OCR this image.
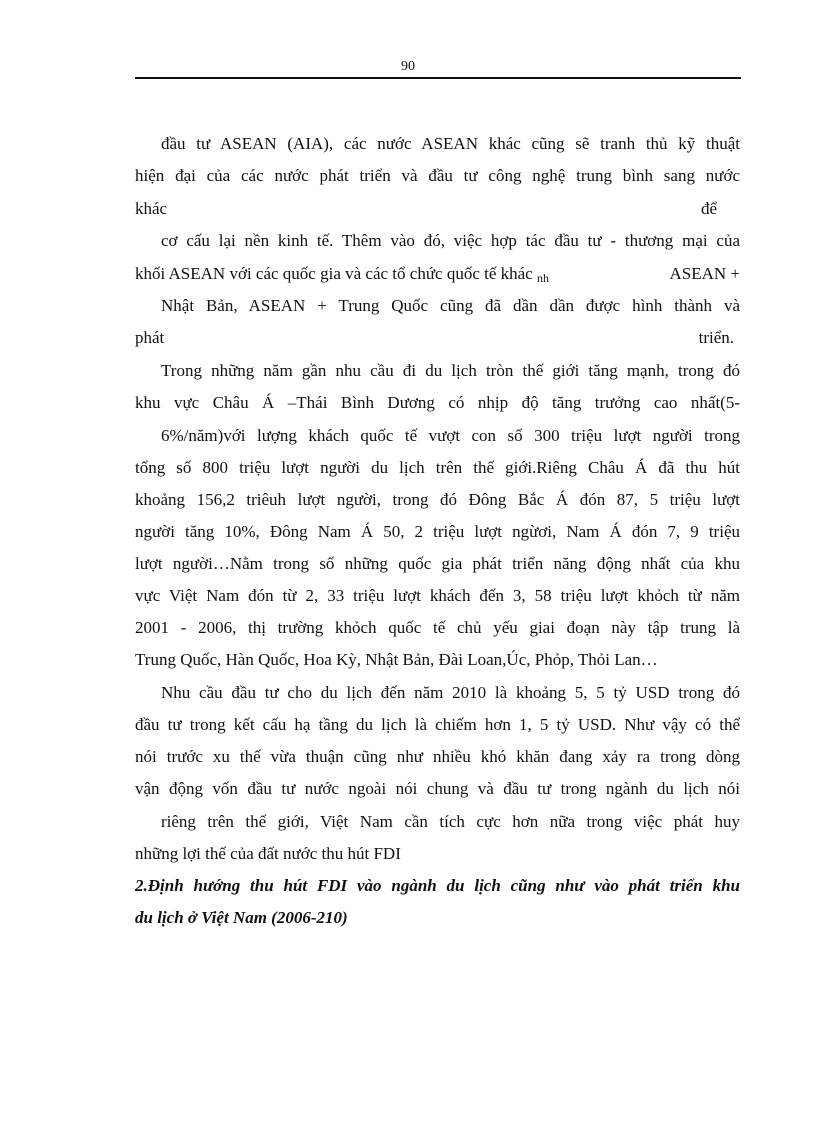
90
đầu tư ASEAN (AIA), các nước ASEAN khác cũng sẽ tranh thủ kỹ thuật
hiện đại của các nước phát triển và đầu tư công nghệ trung bình sang nước
khác	để
cơ cấu lại nền kinh tế. Thêm vào đó, việc hợp tác đầu tư - thương mại của
khối ASEAN với các quốc gia và các tổ chức quốc tế khác nh	ASEAN +
Nhật Bản, ASEAN + Trung Quốc cũng đã dần dần được hình thành và
phát	triển.
Trong những năm gần nhu cầu đi du lịch tròn thế giới tăng mạnh, trong đó
khu vực Châu Á –Thái Bình Dương có nhịp độ tăng trưởng cao nhất(5-
6%/năm)với lượng khách quốc tế vượt con số 300 triệu lượt người trong
tổng số 800 triệu lượt người du lịch trên thế giới.Riêng Châu Á đã thu hút
khoảng 156,2 triêuh lượt người, trong đó Đông Bắc Á đón 87, 5 triệu lượt
người tăng 10%, Đông Nam Á 50, 2 triệu lượt ngừơi, Nam Á đón 7, 9 triệu
lượt người…Nằm trong số những quốc gia phát triển năng động nhất của khu
vực Việt Nam đón từ 2, 33 triệu lượt khách đến 3, 58 triệu lượt khỏch từ năm
2001 - 2006, thị trường khỏch quốc tế chủ yếu giai đoạn này tập trung là
Trung Quốc, Hàn Quốc, Hoa Kỳ, Nhật Bản, Đài Loan,Úc, Phỏp, Thỏi Lan…
Nhu cầu đầu tư cho du lịch đến năm 2010 là khoảng 5, 5 tỷ USD trong đó
đầu tư trong kết cấu hạ tầng du lịch là chiếm hơn 1, 5 tỷ USD. Như vậy có thể
nói trước xu thế vừa thuận cũng như nhiều khó khăn đang xảy ra trong dòng
vận động vốn đầu tư nước ngoài nói chung và đầu tư trong ngành du lịch nói
riêng trên thế giới, Việt Nam cần tích cực hơn nữa trong việc phát huy
những lợi thế của đất nước thu hút FDI
2.Định hướng thu hút FDI vào ngành du lịch cũng như vào phát triển khu
du lịch ở Việt Nam (2006-210)
